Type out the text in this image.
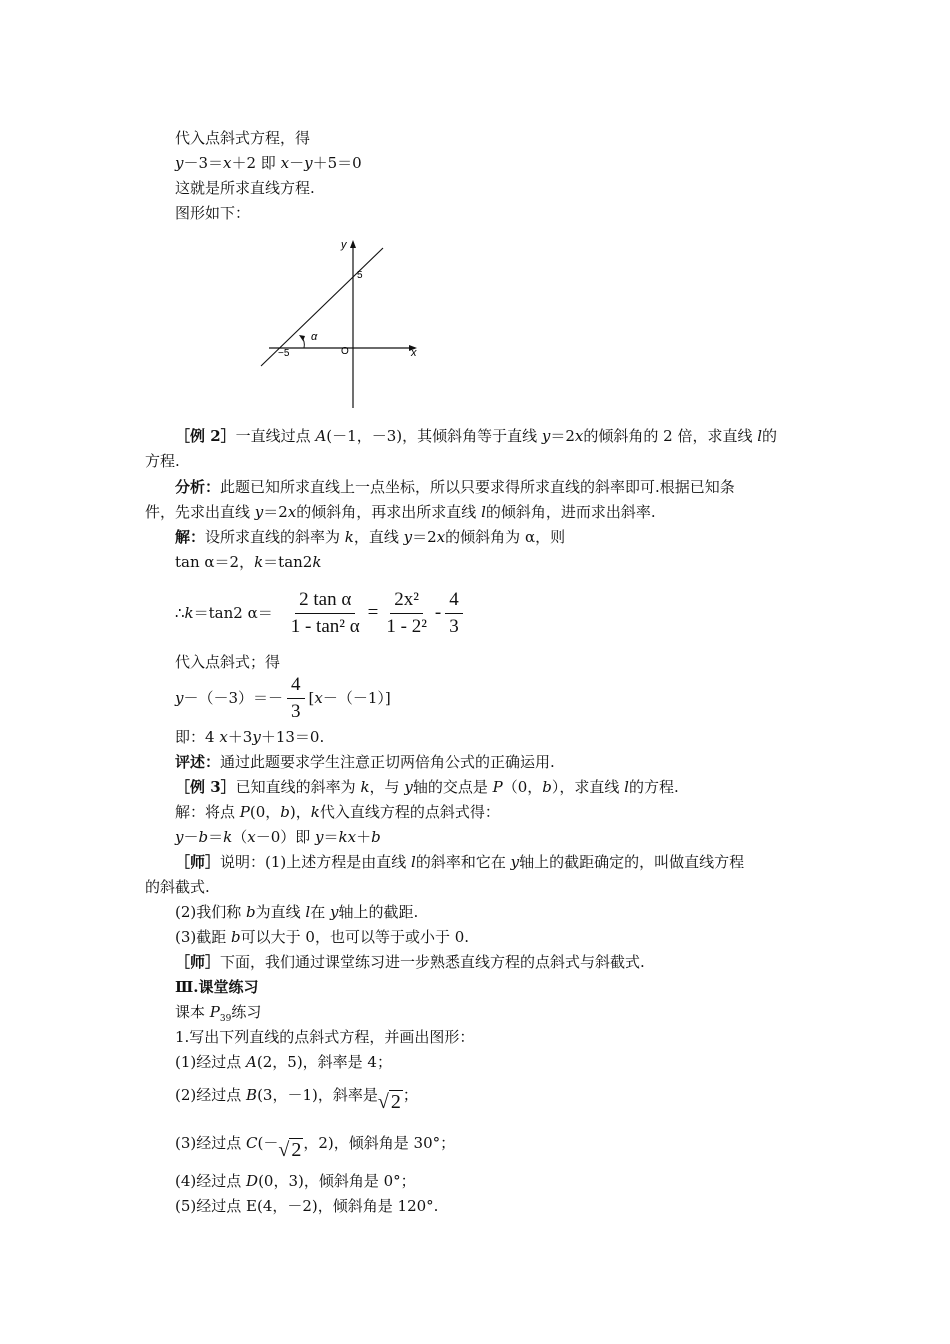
代入点斜式方程，得
y－3＝x＋2 即 x－y＋5＝0
这就是所求直线方程.
图形如下：
y
x
O
5
−5
α
［例 2］一直线过点 A(－1，－3)，其倾斜角等于直线 y＝2x的倾斜角的 2 倍，求直线 l的
方程.
分析：此题已知所求直线上一点坐标，所以只要求得所求直线的斜率即可.根据已知条
件，先求出直线 y＝2x的倾斜角，再求出所求直线 l的倾斜角，进而求出斜率.
解：设所求直线的斜率为 k，直线 y＝2x的倾斜角为 α，则
tan α＝2，k＝tan2k
∴ k ＝tan2 $\alpha= \frac{\text{2 tan α}}{\text{1 - tan² α}} = \frac{\text{2x²}}{\text{1 - 2²}} - \frac{4}{3}$
代入点斜式；得
$y -(-3)=- \frac{4}{3}$ [ x －（－1）]
即：4 x＋3y＋13＝0.
评述：通过此题要求学生注意正切两倍角公式的正确运用.
［例 3］已知直线的斜率为 k，与 y轴的交点是 P（0，b），求直线 l的方程.
解：将点 P(0，b)，k代入直线方程的点斜式得：
y－b＝k（x－0）即 y＝kx＋b
［师］说明：(1)上述方程是由直线 l的斜率和它在 y轴上的截距确定的，叫做直线方程
的斜截式.
(2)我们称 b为直线 l在 y轴上的截距.
(3)截距 b可以大于 0，也可以等于或小于 0.
［师］下面，我们通过课堂练习进一步熟悉直线方程的点斜式与斜截式.
Ⅲ.课堂练习
课本 $P_{39}$练习
1.写出下列直线的点斜式方程，并画出图形：
(1)经过点 A(2，5)，斜率是 4；
(2)经过点 B(3，－1)，斜率是√ 2 ；
(3)经过点 C(－√ 2 ，2)，倾斜角是 30°；
(4)经过点 D(0，3)，倾斜角是 0°；
(5)经过点 E(4，－2)，倾斜角是 120°.
